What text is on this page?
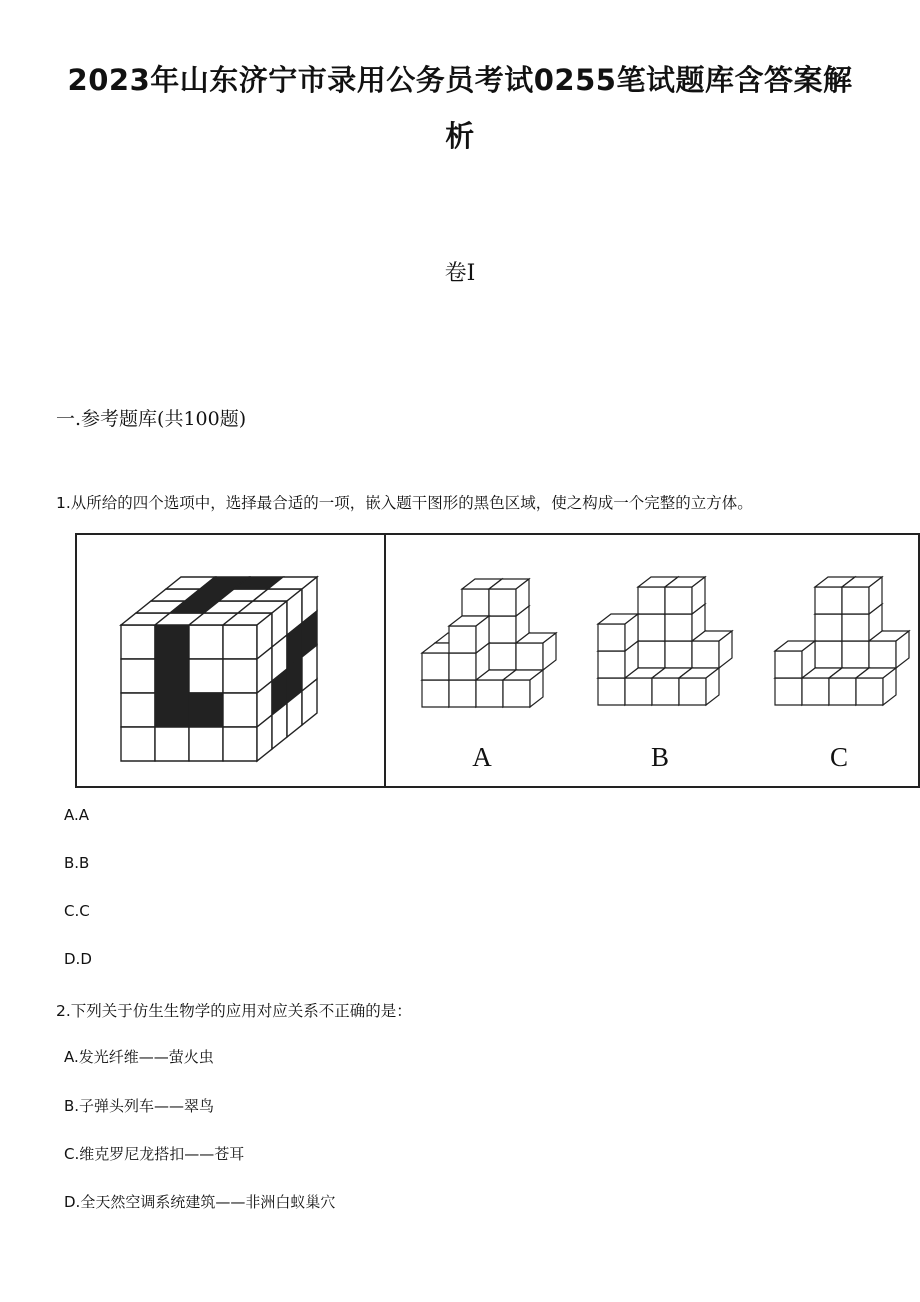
2023年山东济宁市录用公务员考试0255笔试题库含答案解
析
卷Ⅰ
一.参考题库(共100题)
1.从所给的四个选项中，选择最合适的一项，嵌入题干图形的黑色区域，使之构成一个完整的立方体。
A	B	C
A.A
B.B
C.C
D.D
2.下列关于仿生生物学的应用对应关系不正确的是：
A.发光纤维——萤火虫
B.子弹头列车——翠鸟
C.维克罗尼龙搭扣——苍耳
D.全天然空调系统建筑——非洲白蚁巢穴
